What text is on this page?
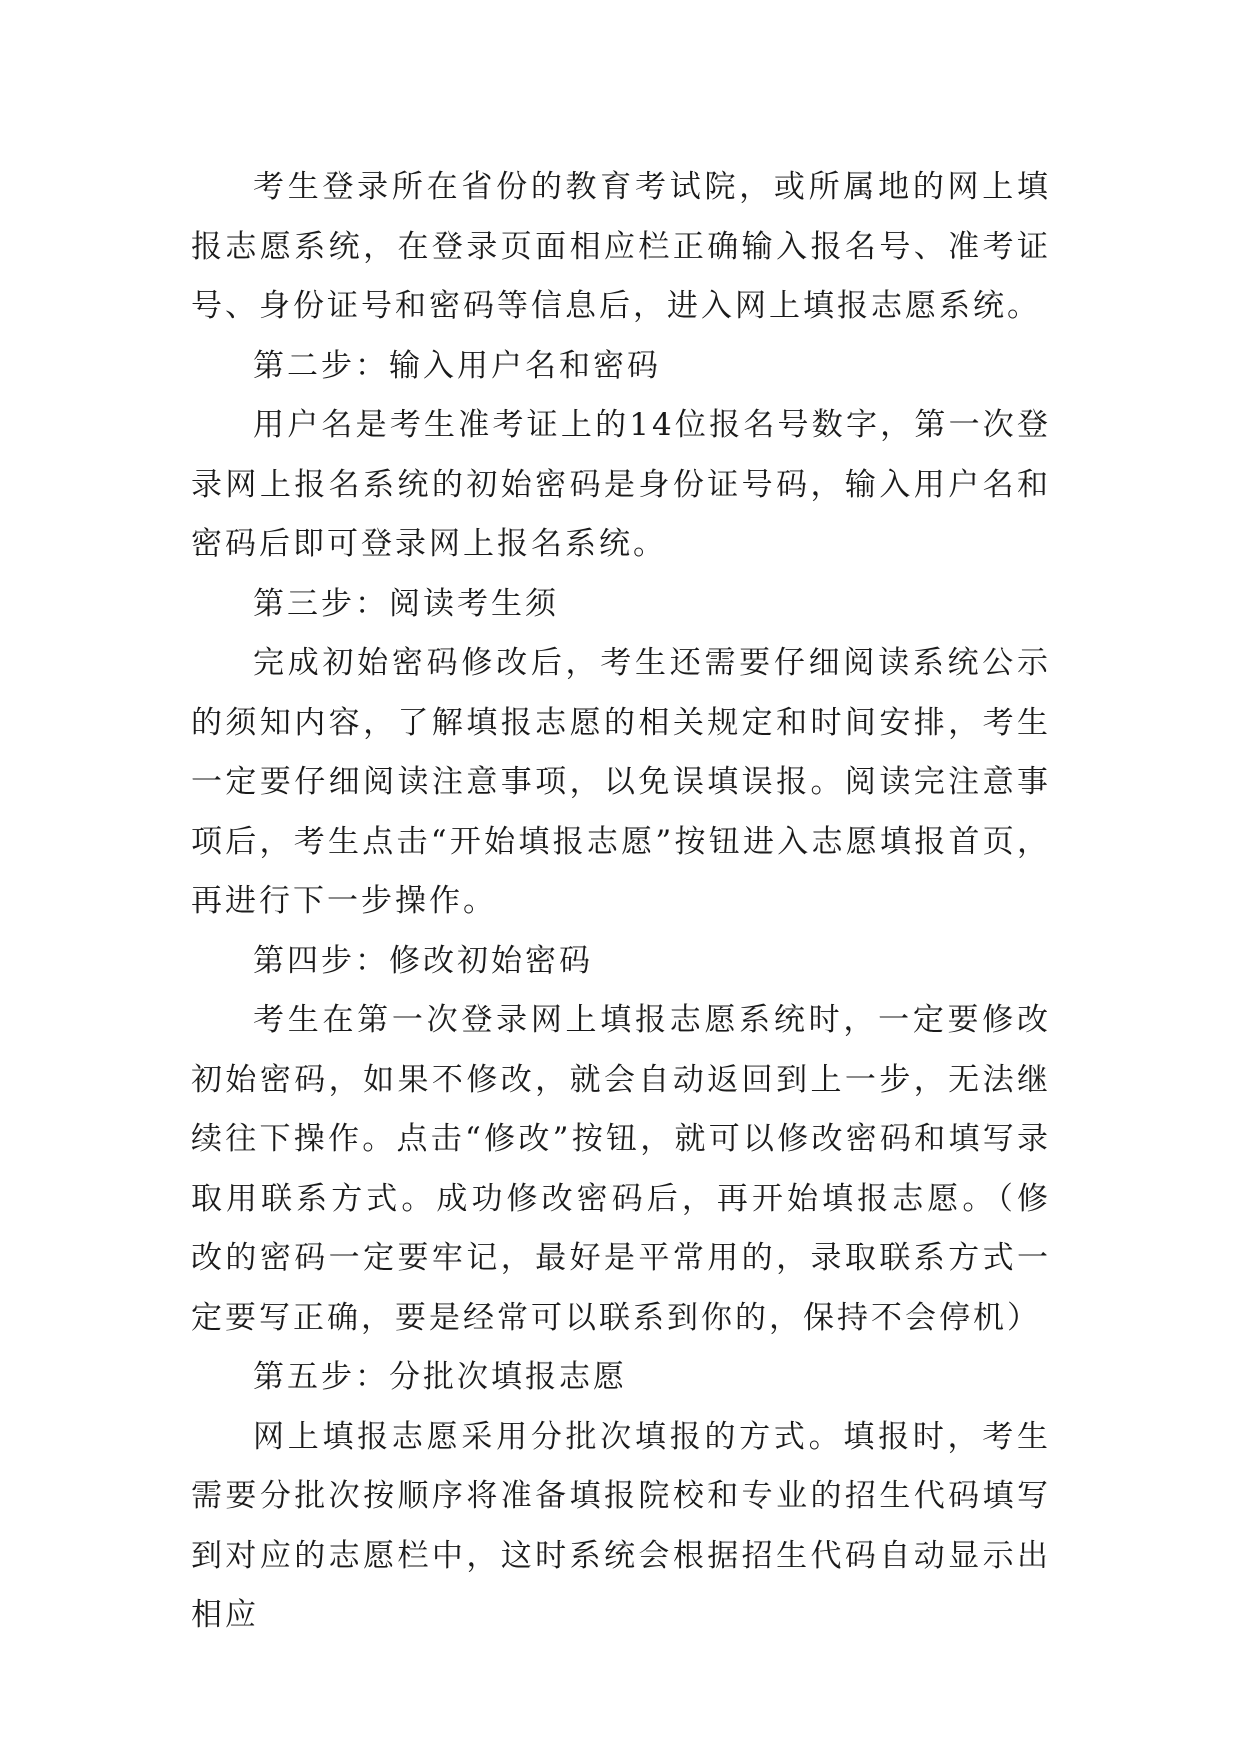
考生登录所在省份的教育考试院，或所属地的网上填报志愿系统，在登录页面相应栏正确输入报名号、准考证号、身份证号和密码等信息后，进入网上填报志愿系统。

第二步：输入用户名和密码

用户名是考生准考证上的14位报名号数字，第一次登录网上报名系统的初始密码是身份证号码，输入用户名和密码后即可登录网上报名系统。

第三步：阅读考生须

完成初始密码修改后，考生还需要仔细阅读系统公示的须知内容，了解填报志愿的相关规定和时间安排，考生一定要仔细阅读注意事项，以免误填误报。阅读完注意事项后，考生点击“开始填报志愿”按钮进入志愿填报首页，再进行下一步操作。

第四步：修改初始密码

考生在第一次登录网上填报志愿系统时，一定要修改初始密码，如果不修改，就会自动返回到上一步，无法继续往下操作。点击“修改”按钮，就可以修改密码和填写录取用联系方式。成功修改密码后，再开始填报志愿。（修改的密码一定要牢记，最好是平常用的，录取联系方式一定要写正确，要是经常可以联系到你的，保持不会停机）

第五步：分批次填报志愿

网上填报志愿采用分批次填报的方式。填报时，考生需要分批次按顺序将准备填报院校和专业的招生代码填写到对应的志愿栏中，这时系统会根据招生代码自动显示出相应
